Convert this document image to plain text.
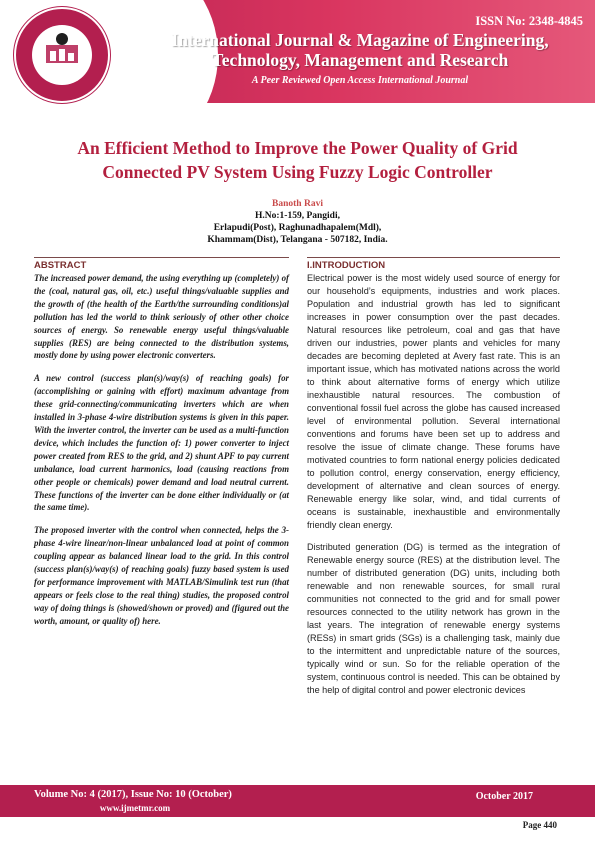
IJMETMR
ISSN No: 2348-4845
International Journal & Magazine of Engineering,
Technology, Management and Research
A Peer Reviewed Open Access International Journal
An Efficient Method to Improve the Power Quality of Grid
Connected PV System Using Fuzzy Logic Controller
Banoth Ravi
H.No:1-159, Pangidi,
Erlapudi(Post), Raghunadhapalem(Mdl),
Khammam(Dist), Telangana - 507182, India.
ABSTRACT

The increased power demand, the using everything up (completely) of the (coal, natural gas, oil, etc.) useful things/valuable supplies and the growth of (the health of the Earth/the surrounding conditions)al pollution has led the world to think seriously of other other choice sources of energy. So renewable energy useful things/valuable supplies (RES) are being connected to the distribution systems, mostly done by using power electronic converters.

A new control (success plan(s)/way(s) of reaching goals) for (accomplishing or gaining with effort) maximum advantage from these grid-connecting/communicating inverters which are when installed in 3-phase 4-wire distribution systems is given in this paper. With the inverter control, the inverter can be used as a multi-function device, which includes the function of: 1) power converter to inject power created from RES to the grid, and 2) shunt APF to pay current unbalance, load current harmonics, load (causing reactions from other people or chemicals) power demand and load neutral current. These functions of the inverter can be done either individually or (at the same time).

The proposed inverter with the control when connected, helps the 3-phase 4-wire linear/non-linear unbalanced load at point of common coupling appear as balanced linear load to the grid. In this control (success plan(s)/way(s) of reaching goals) fuzzy based system is used for performance improvement with MATLAB/Simulink test run (that appears or feels close to the real thing) studies, the proposed control way of doing things is (showed/shown or proved) and (figured out the worth, amount, or quality of) here.

I.INTRODUCTION

Electrical power is the most widely used source of energy for our household’s equipments, industries and work places. Population and industrial growth has led to significant increases in power consumption over the past decades. Natural resources like petroleum, coal and gas that have driven our industries, power plants and vehicles for many decades are becoming depleted at Avery fast rate. This is an important issue, which has motivated nations across the world to think about alternative forms of energy which utilize inexhaustible natural resources. The combustion of conventional fossil fuel across the globe has caused increased level of environmental pollution. Several international conventions and forums have been set up to address and resolve the issue of climate change. These forums have motivated countries to form national energy policies dedicated to pollution control, energy conservation, energy efficiency, development of alternative and clean sources of energy. Renewable energy like solar, wind, and tidal currents of oceans is sustainable, inexhaustible and environmentally friendly clean energy.

Distributed generation (DG) is termed as the integration of Renewable energy source (RES) at the distribution level. The number of distributed generation (DG) units, including both renewable and non renewable sources, for small rural communities not connected to the grid and for small power resources connected to the utility network has grown in the last years. The integration of renewable energy systems (RESs) in smart grids (SGs) is a challenging task, mainly due to the intermittent and unpredictable nature of the sources, typically wind or sun. So for the reliable operation of the system, continuous control is needed. This can be obtained by the help of digital control and power electronic devices

Volume No: 4 (2017), Issue No: 10 (October)
www.ijmetmr.com
October 2017
Page 440
